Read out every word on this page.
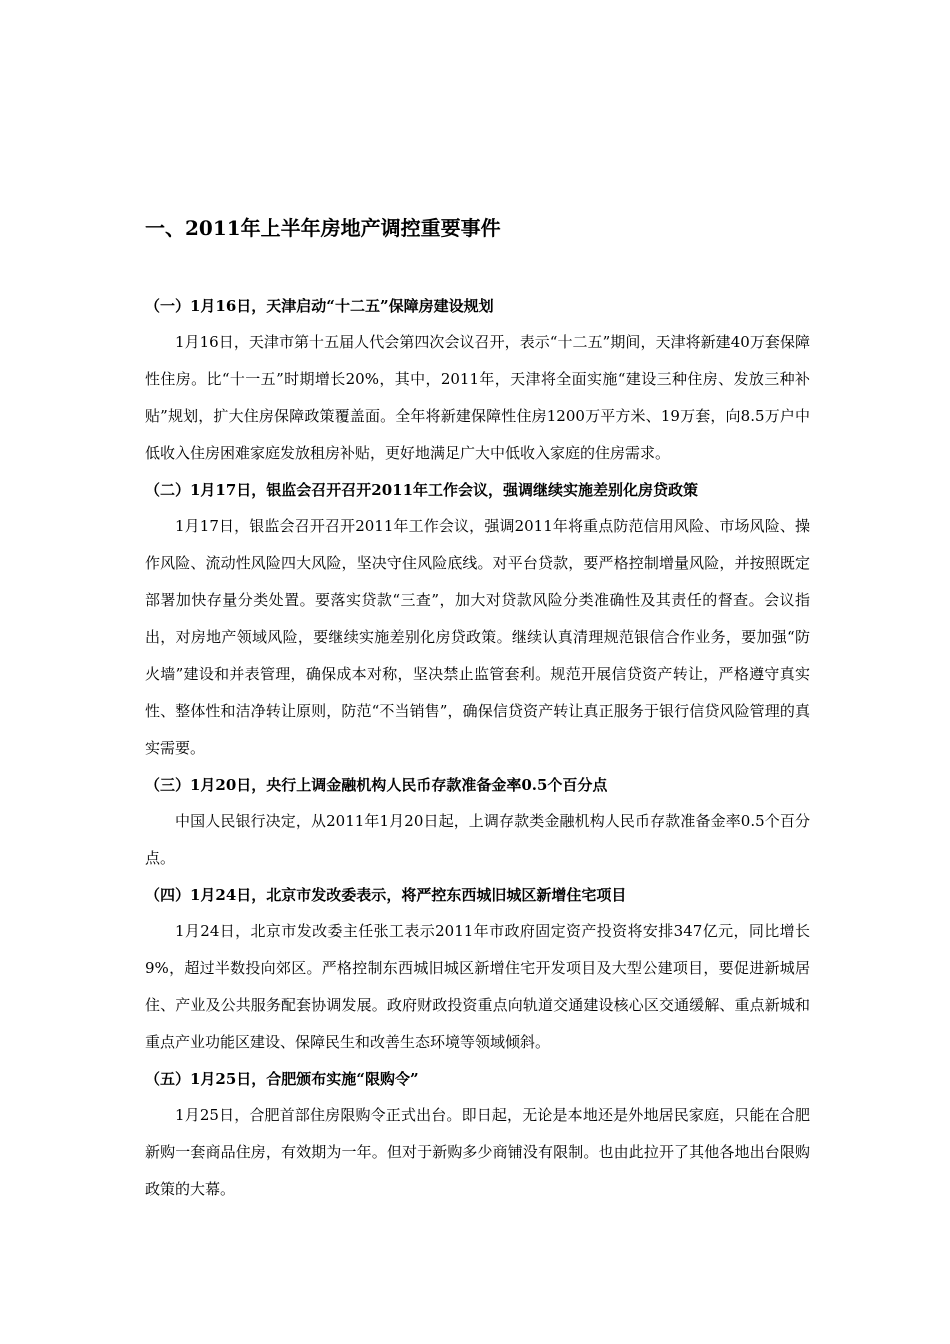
一、2011年上半年房地产调控重要事件
（一）1月16日，天津启动“十二五”保障房建设规划

1月16日，天津市第十五届人代会第四次会议召开，表示“十二五”期间，天津将新建40万套保障性住房。比“十一五”时期增长20%，其中，2011年，天津将全面实施“建设三种住房、发放三种补贴”规划，扩大住房保障政策覆盖面。全年将新建保障性住房1200万平方米、19万套，向8.5万户中低收入住房困难家庭发放租房补贴，更好地满足广大中低收入家庭的住房需求。

（二）1月17日，银监会召开召开2011年工作会议，强调继续实施差别化房贷政策

1月17日，银监会召开召开2011年工作会议，强调2011年将重点防范信用风险、市场风险、操作风险、流动性风险四大风险，坚决守住风险底线。对平台贷款，要严格控制增量风险，并按照既定部署加快存量分类处置。要落实贷款“三查”，加大对贷款风险分类准确性及其责任的督查。会议指出，对房地产领域风险，要继续实施差别化房贷政策。继续认真清理规范银信合作业务，要加强“防火墙”建设和并表管理，确保成本对称，坚决禁止监管套利。规范开展信贷资产转让，严格遵守真实性、整体性和洁净转让原则，防范“不当销售”，确保信贷资产转让真正服务于银行信贷风险管理的真实需要。

（三）1月20日，央行上调金融机构人民币存款准备金率0.5个百分点

中国人民银行决定，从2011年1月20日起，上调存款类金融机构人民币存款准备金率0.5个百分点。

（四）1月24日，北京市发改委表示，将严控东西城旧城区新增住宅项目

1月24日，北京市发改委主任张工表示2011年市政府固定资产投资将安排347亿元，同比增长9%，超过半数投向郊区。严格控制东西城旧城区新增住宅开发项目及大型公建项目，要促进新城居住、产业及公共服务配套协调发展。政府财政投资重点向轨道交通建设核心区交通缓解、重点新城和重点产业功能区建设、保障民生和改善生态环境等领域倾斜。

（五）1月25日，合肥颁布实施“限购令”

1月25日，合肥首部住房限购令正式出台。即日起，无论是本地还是外地居民家庭，只能在合肥新购一套商品住房，有效期为一年。但对于新购多少商铺没有限制。也由此拉开了其他各地出台限购政策的大幕。
